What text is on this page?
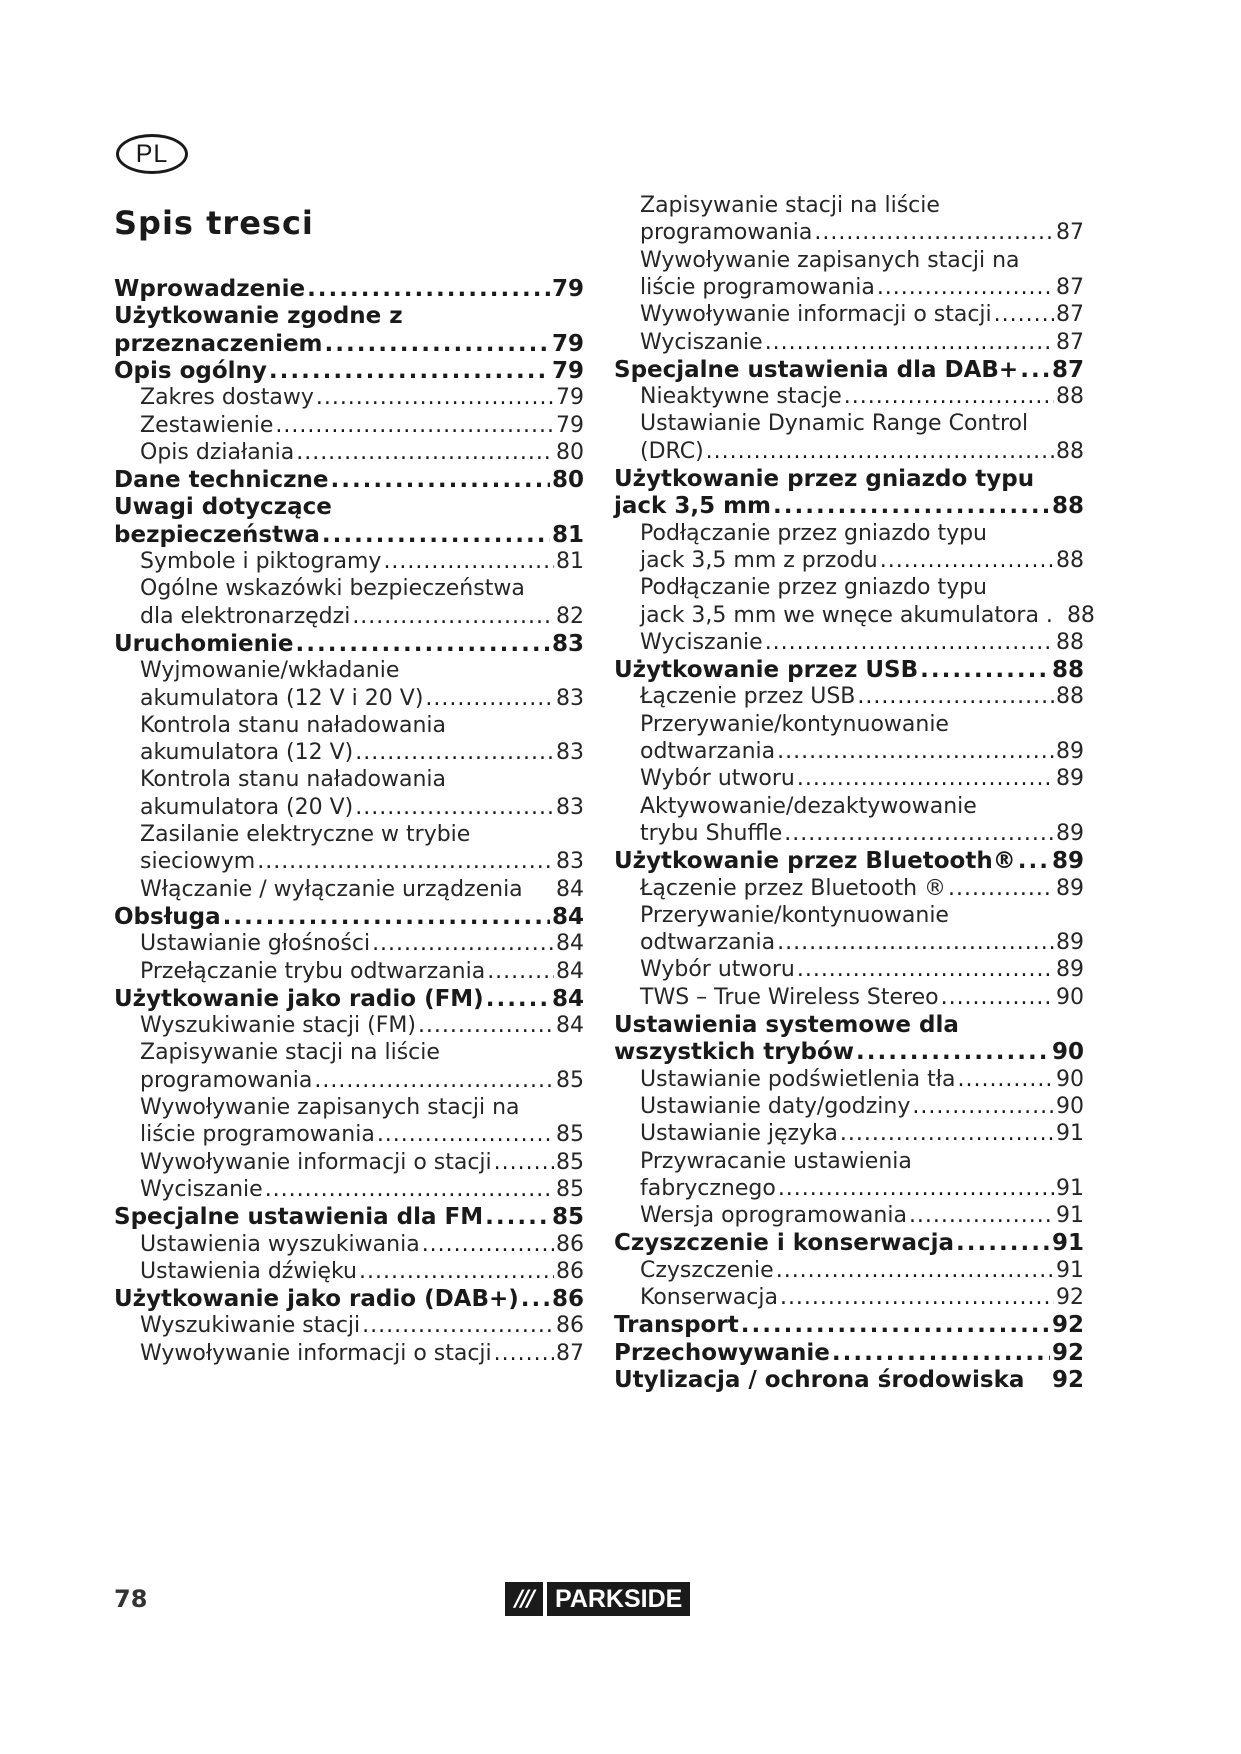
PL
Spis tresci
Wprowadzenie . . .	79
Użytkowanie zgodne z
przeznaczeniem . . .	79
Opis ogólny . . .	79
Zakres dostawy . . .	79
Zestawienie . . .	79
Opis działania . . .	80
Dane techniczne . . .	80
Uwagi dotyczące
bezpieczeństwa . . .	81
Symbole i piktogramy . . .	81
Ogólne wskazówki bezpieczeństwa
dla elektronarzędzi . . .	82
Uruchomienie . . .	83
Wyjmowanie/wkładanie
akumulatora (12 V i 20 V) . . .	83
Kontrola stanu naładowania
akumulatora (12 V) . . .	83
Kontrola stanu naładowania
akumulatora (20 V) . . .	83
Zasilanie elektryczne w trybie
sieciowym . . .	83
Włączanie / wyłączanie urządzenia 84
Obsługa . . .	84
Ustawianie głośności . . .	84
Przełączanie trybu odtwarzania . . .	84
Użytkowanie jako radio (FM) . . .	84
Wyszukiwanie stacji (FM) . . .	84
Zapisywanie stacji na liście
programowania . . .	85
Wywoływanie zapisanych stacji na
liście programowania . . .	85
Wywoływanie informacji o stacji . . .	85
Wyciszanie . . .	85
Specjalne ustawienia dla FM . . .	85
Ustawienia wyszukiwania . . .	86
Ustawienia dźwięku . . .	86
Użytkowanie jako radio (DAB+) . . . 86
Wyszukiwanie stacji . . .	86
Wywoływanie informacji o stacji . . .	87
Zapisywanie stacji na liście
programowania . . .	87
Wywoływanie zapisanych stacji na
liście programowania . . .	87
Wywoływanie informacji o stacji . . .	87
Wyciszanie . . .	87
Specjalne ustawienia dla DAB+ . . . 87
Nieaktywne stacje . . .	88
Ustawianie Dynamic Range Control
(DRC) . . .	88
Użytkowanie przez gniazdo typu
jack 3,5 mm . . .	88
Podłączanie przez gniazdo typu
jack 3,5 mm z przodu . . .	88
Podłączanie przez gniazdo typu
jack 3,5 mm we wnęce akumulatora . 88
Wyciszanie . . .	88
Użytkowanie przez USB . . .	88
Łączenie przez USB . . .	88
Przerywanie/kontynuowanie
odtwarzania . . .	89
Wybór utworu . . .	89
Aktywowanie/dezaktywowanie
trybu Shuffle . . .	89
Użytkowanie przez Bluetooth® . . . 89
Łączenie przez Bluetooth ® . . .	89
Przerywanie/kontynuowanie
odtwarzania . . .	89
Wybór utworu . . .	89
TWS – True Wireless Stereo . . .	90
Ustawienia systemowe dla
wszystkich trybów . . .	90
Ustawianie podświetlenia tła . . .	90
Ustawianie daty/godziny . . .	90
Ustawianie języka . . .	91
Przywracanie ustawienia
fabrycznego . . .	91
Wersja oprogramowania . . .	91
Czyszczenie i konserwacja . . .	91
Czyszczenie . . .	91
Konserwacja . . .	92
Transport . . .	92
Przechowywanie . . .	92
Utylizacja / ochrona środowiska 92
78	/// PARKSIDE
